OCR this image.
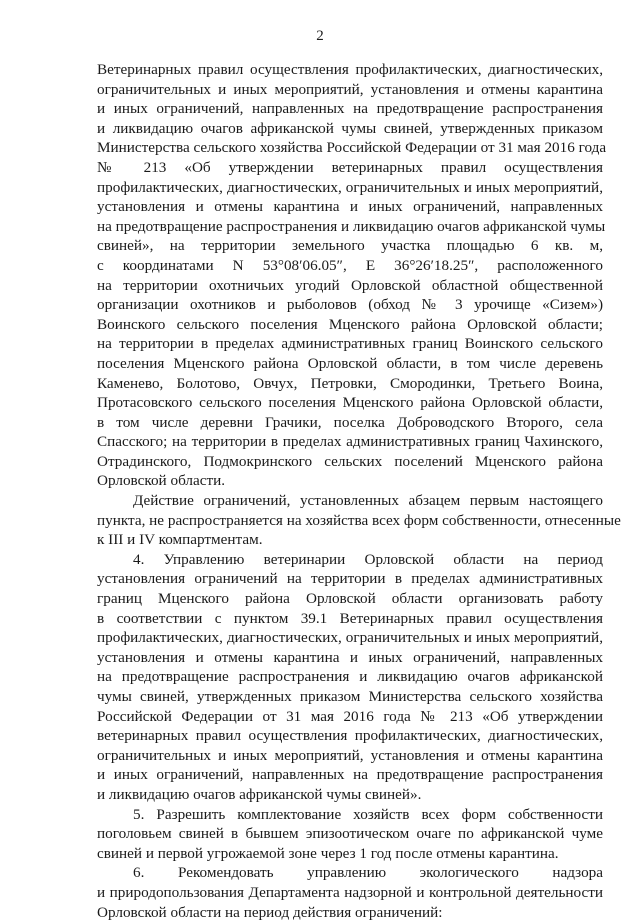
2
Ветеринарных правил осуществления профилактических, диагностических,
ограничительных и иных мероприятий, установления и отмены карантина
и иных ограничений, направленных на предотвращение распространения
и ликвидацию очагов африканской чумы свиней, утвержденных приказом
Министерства сельского хозяйства Российской Федерации от 31 мая 2016 года
№ 213 «Об утверждении ветеринарных правил осуществления
профилактических, диагностических, ограничительных и иных мероприятий,
установления и отмены карантина и иных ограничений, направленных
на предотвращение распространения и ликвидацию очагов африканской чумы
свиней», на территории земельного участка площадью 6 кв. м,
с координатами N 53°08′06.05″, E 36°26′18.25″, расположенного
на территории охотничьих угодий Орловской областной общественной
организации охотников и рыболовов (обход № 3 урочище «Сизем»)
Воинского сельского поселения Мценского района Орловской области;
на территории в пределах административных границ Воинского сельского
поселения Мценского района Орловской области, в том числе деревень
Каменево, Болотово, Овчух, Петровки, Смородинки, Третьего Воина,
Протасовского сельского поселения Мценского района Орловской области,
в том числе деревни Грачики, поселка Доброводского Второго, села
Спасского; на территории в пределах административных границ Чахинского,
Отрадинского, Подмокринского сельских поселений Мценского района
Орловской области.
Действие ограничений, установленных абзацем первым настоящего
пункта, не распространяется на хозяйства всех форм собственности, отнесенные
к III и IV компартментам.
4. Управлению ветеринарии Орловской области на период
установления ограничений на территории в пределах административных
границ Мценского района Орловской области организовать работу
в соответствии с пунктом 39.1 Ветеринарных правил осуществления
профилактических, диагностических, ограничительных и иных мероприятий,
установления и отмены карантина и иных ограничений, направленных
на предотвращение распространения и ликвидацию очагов африканской
чумы свиней, утвержденных приказом Министерства сельского хозяйства
Российской Федерации от 31 мая 2016 года № 213 «Об утверждении
ветеринарных правил осуществления профилактических, диагностических,
ограничительных и иных мероприятий, установления и отмены карантина
и иных ограничений, направленных на предотвращение распространения
и ликвидацию очагов африканской чумы свиней».
5. Разрешить комплектование хозяйств всех форм собственности
поголовьем свиней в бывшем эпизоотическом очаге по африканской чуме
свиней и первой угрожаемой зоне через 1 год после отмены карантина.
6. Рекомендовать управлению экологического надзора
и природопользования Департамента надзорной и контрольной деятельности
Орловской области на период действия ограничений:
